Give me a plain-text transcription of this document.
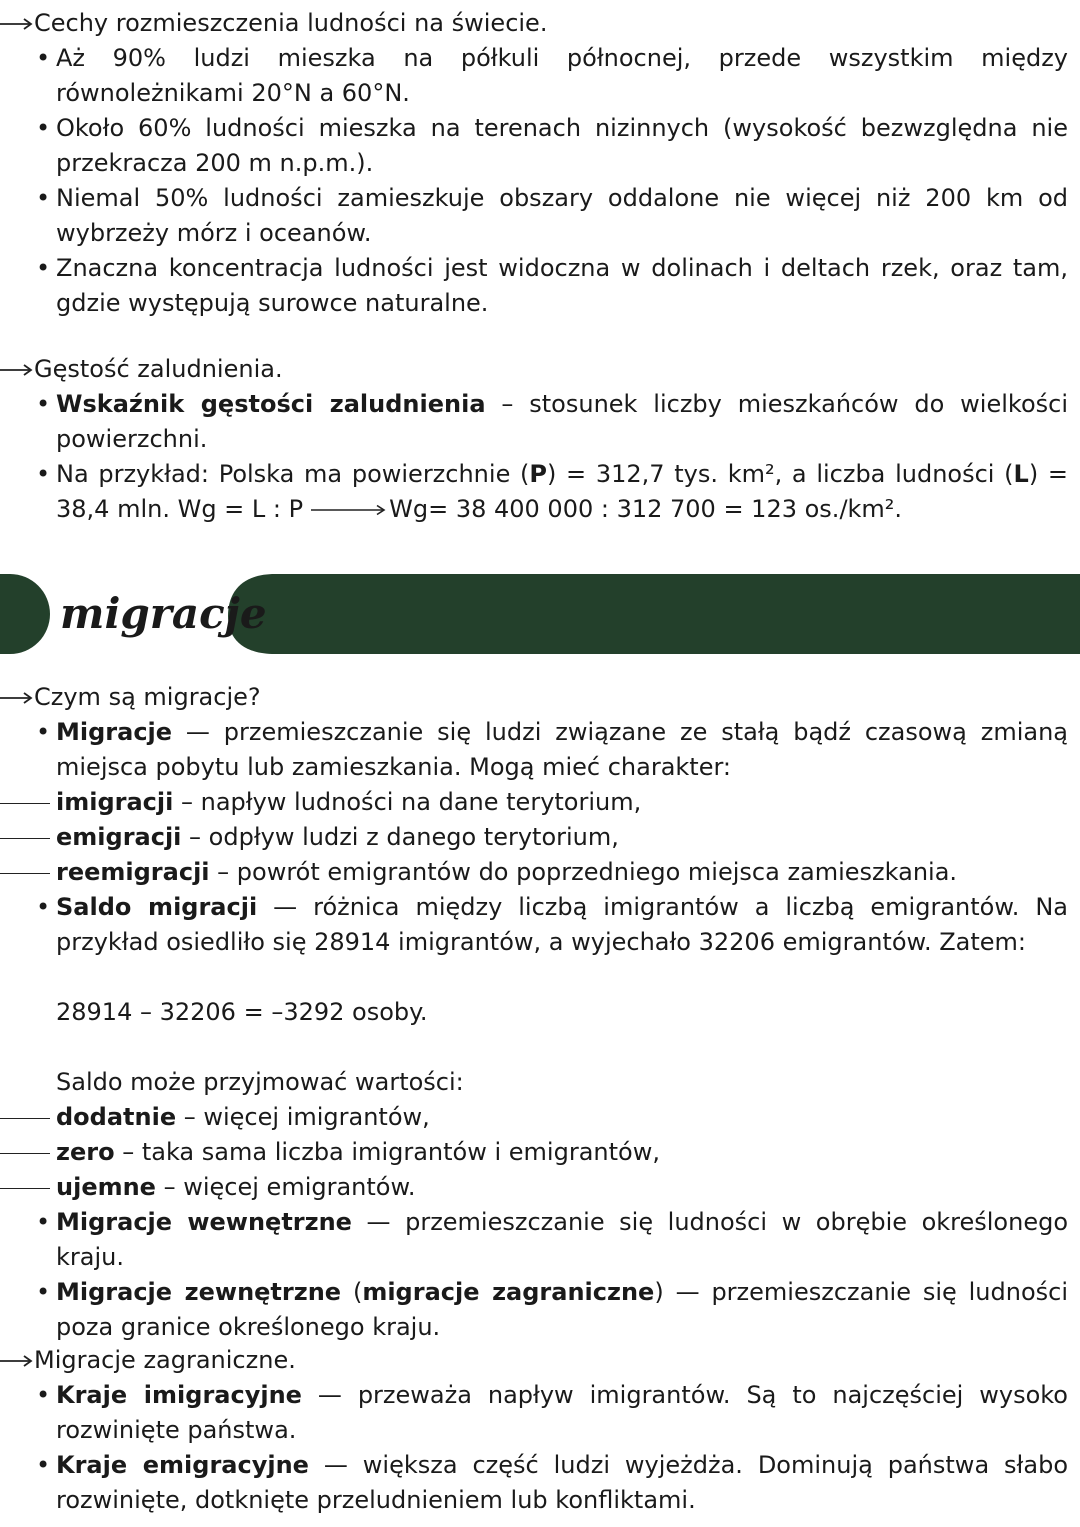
Cechy rozmieszczenia ludności na świecie.
• Aż 90% ludzi mieszka na półkuli północnej, przede wszystkim między równoleżnikami 20°N a 60°N.
• Około 60% ludności mieszka na terenach nizinnych (wysokość bezwzględna nie przekracza 200 m n.p.m.).
• Niemal 50% ludności zamieszkuje obszary oddalone nie więcej niż 200 km od wybrzeży mórz i oceanów.
• Znaczna koncentracja ludności jest widoczna w dolinach i deltach rzek, oraz tam, gdzie występują surowce naturalne.
Gęstość zaludnienia.
• Wskaźnik gęstości zaludnienia – stosunek liczby mieszkańców do wielkości powierzchni.
• Na przykład: Polska ma powierzchnie (P) = 312,7 tys. km², a liczba ludności (L) = 38,4 mln. Wg = L : P	Wg= 38 400 000 : 312 700 = 123 os./km².
migracje
Czym są migracje?
• Migracje — przemieszczanie się ludzi związane ze stałą bądź czasową zmianą miejsca pobytu lub zamieszkania. Mogą mieć charakter:
imigracji – napływ ludności na dane terytorium,
emigracji – odpływ ludzi z danego terytorium,
reemigracji – powrót emigrantów do poprzedniego miejsca zamieszkania.
• Saldo migracji — różnica między liczbą imigrantów a liczbą emigrantów. Na przykład osiedliło się 28914 imigrantów, a wyjechało 32206 emigrantów. Zatem:
28914 – 32206 = –3292 osoby.
Saldo może przyjmować wartości:
dodatnie – więcej imigrantów,
zero – taka sama liczba imigrantów i emigrantów,
ujemne – więcej emigrantów.
• Migracje wewnętrzne — przemieszczanie się ludności w obrębie określonego kraju.
• Migracje zewnętrzne (migracje zagraniczne) — przemieszczanie się ludności poza granice określonego kraju.
Migracje zagraniczne.
• Kraje imigracyjne — przeważa napływ imigrantów. Są to najczęściej wysoko rozwinięte państwa.
• Kraje emigracyjne — większa część ludzi wyjeżdża. Dominują państwa słabo rozwinięte, dotknięte przeludnieniem lub konfliktami.
